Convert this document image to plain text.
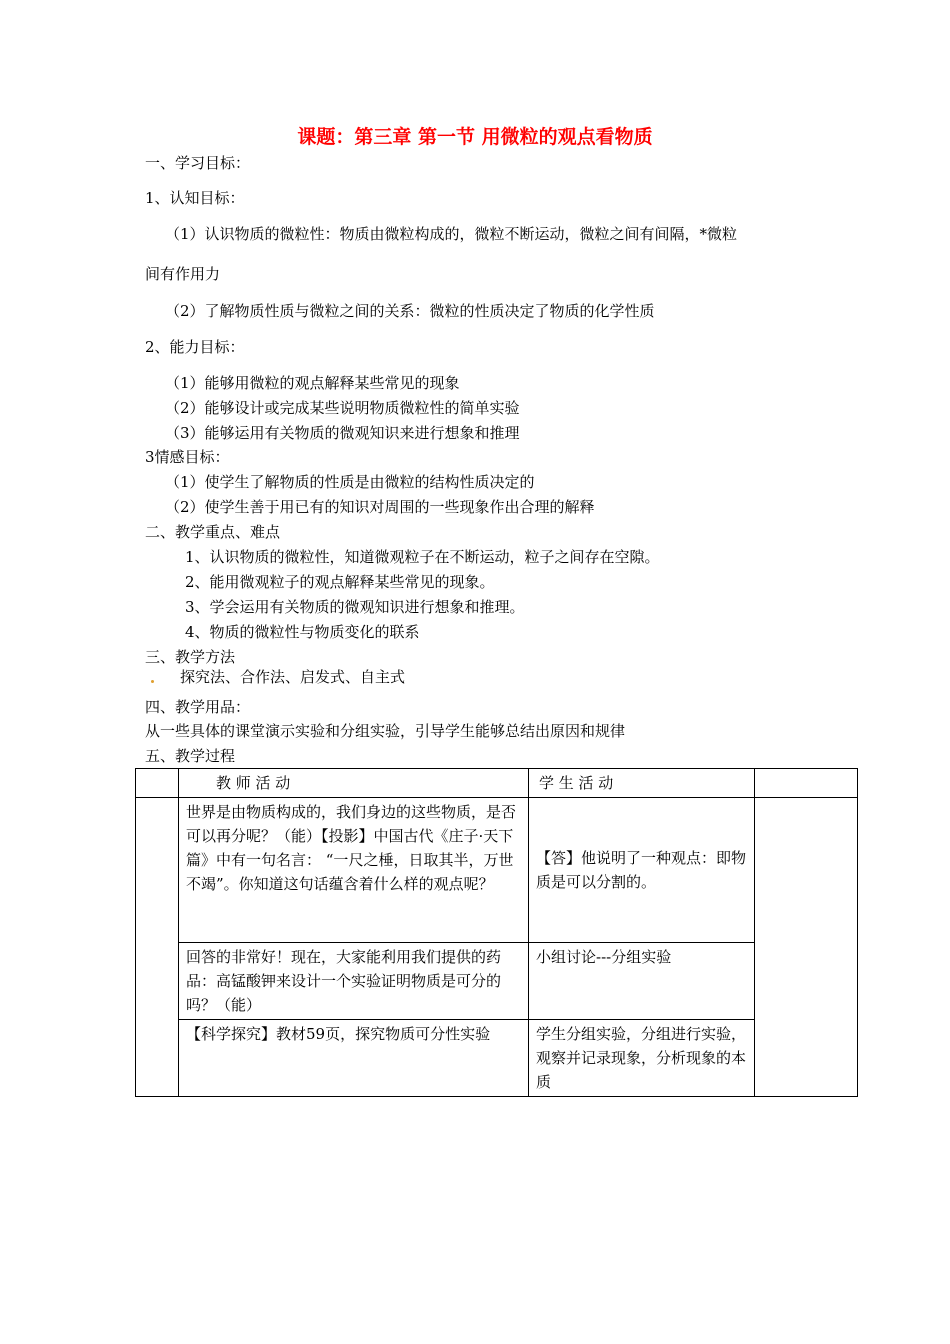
课题：第三章 第一节 用微粒的观点看物质
一、学习目标：
1、认知目标：
（1）认识物质的微粒性：物质由微粒构成的，微粒不断运动，微粒之间有间隔，*微粒
间有作用力
（2）了解物质性质与微粒之间的关系：微粒的性质决定了物质的化学性质
2、能力目标：
（1）能够用微粒的观点解释某些常见的现象
（2）能够设计或完成某些说明物质微粒性的简单实验
（3）能够运用有关物质的微观知识来进行想象和推理
3情感目标：
（1）使学生了解物质的性质是由微粒的结构性质决定的
（2）使学生善于用已有的知识对周围的一些现象作出合理的解释
二、教学重点、难点
1、认识物质的微粒性，知道微观粒子在不断运动，粒子之间存在空隙。
2、能用微观粒子的观点解释某些常见的现象。
3、学会运用有关物质的微观知识进行想象和推理。
4、物质的微粒性与物质变化的联系
三、教学方法
探究法、合作法、启发式、自主式
四、教学用品：
从一些具体的课堂演示实验和分组实验，引导学生能够总结出原因和规律
五、教学过程
	教 师 活 动	学 生 活 动	
	世界是由物质构成的，我们身边的这些物质，是否可以再分呢？（能）【投影】中国古代《庄子·天下篇》中有一句名言： “一尺之棰，日取其半，万世不竭”。你知道这句话蕴含着什么样的观点呢？	【答】他说明了一种观点：即物质是可以分割的。	
	回答的非常好！现在，大家能利用我们提供的药品：高锰酸钾来设计一个实验证明物质是可分的吗？（能）	小组讨论---分组实验	
	【科学探究】教材59页，探究物质可分性实验	学生分组实验，分组进行实验，观察并记录现象，分析现象的本质	
